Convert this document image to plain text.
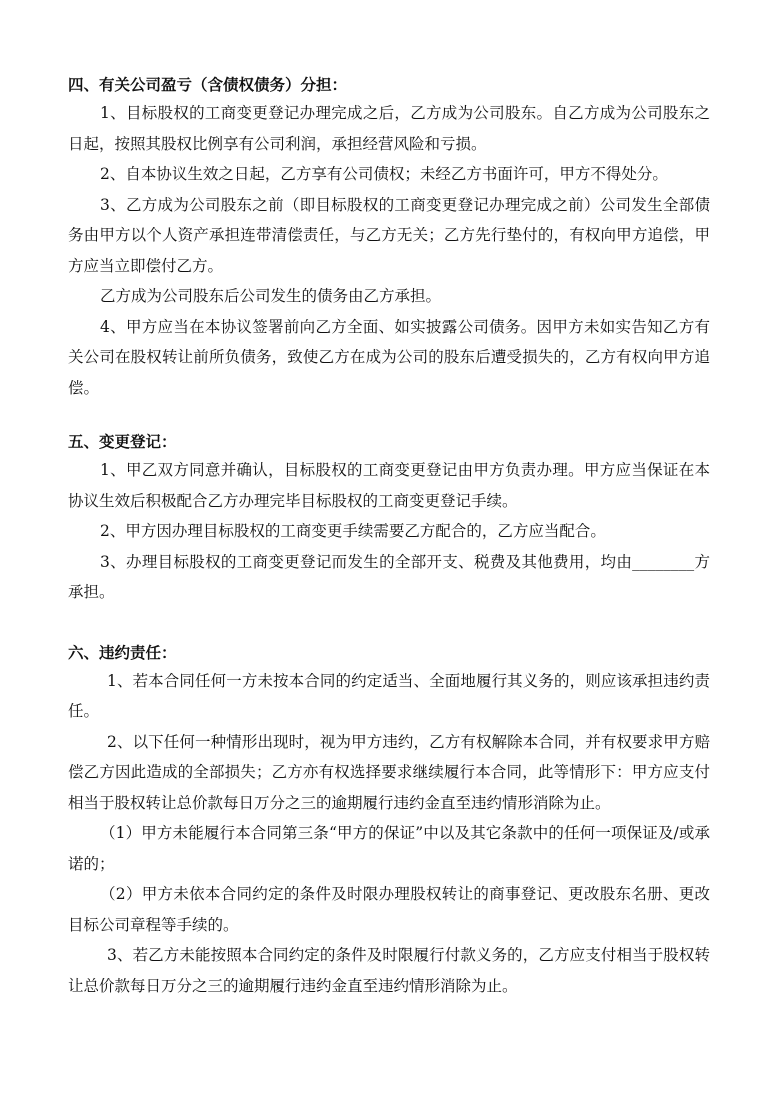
四、有关公司盈亏（含债权债务）分担：

1、目标股权的工商变更登记办理完成之后，乙方成为公司股东。自乙方成为公司股东之日起，按照其股权比例享有公司利润，承担经营风险和亏损。

2、自本协议生效之日起，乙方享有公司债权；未经乙方书面许可，甲方不得处分。

3、乙方成为公司股东之前（即目标股权的工商变更登记办理完成之前）公司发生全部债务由甲方以个人资产承担连带清偿责任，与乙方无关；乙方先行垫付的，有权向甲方追偿，甲方应当立即偿付乙方。

乙方成为公司股东后公司发生的债务由乙方承担。

4、甲方应当在本协议签署前向乙方全面、如实披露公司债务。因甲方未如实告知乙方有关公司在股权转让前所负债务，致使乙方在成为公司的股东后遭受损失的，乙方有权向甲方追偿。

五、变更登记：

1、甲乙双方同意并确认，目标股权的工商变更登记由甲方负责办理。甲方应当保证在本协议生效后积极配合乙方办理完毕目标股权的工商变更登记手续。

2、甲方因办理目标股权的工商变更手续需要乙方配合的，乙方应当配合。

3、办理目标股权的工商变更登记而发生的全部开支、税费及其他费用，均由________方承担。

六、违约责任：

1、若本合同任何一方未按本合同的约定适当、全面地履行其义务的，则应该承担违约责任。

2、以下任何一种情形出现时，视为甲方违约，乙方有权解除本合同，并有权要求甲方赔偿乙方因此造成的全部损失；乙方亦有权选择要求继续履行本合同，此等情形下：甲方应支付相当于股权转让总价款每日万分之三的逾期履行违约金直至违约情形消除为止。

（1）甲方未能履行本合同第三条“甲方的保证”中以及其它条款中的任何一项保证及/或承诺的；

（2）甲方未依本合同约定的条件及时限办理股权转让的商事登记、更改股东名册、更改目标公司章程等手续的。

3、若乙方未能按照本合同约定的条件及时限履行付款义务的，乙方应支付相当于股权转让总价款每日万分之三的逾期履行违约金直至违约情形消除为止。
